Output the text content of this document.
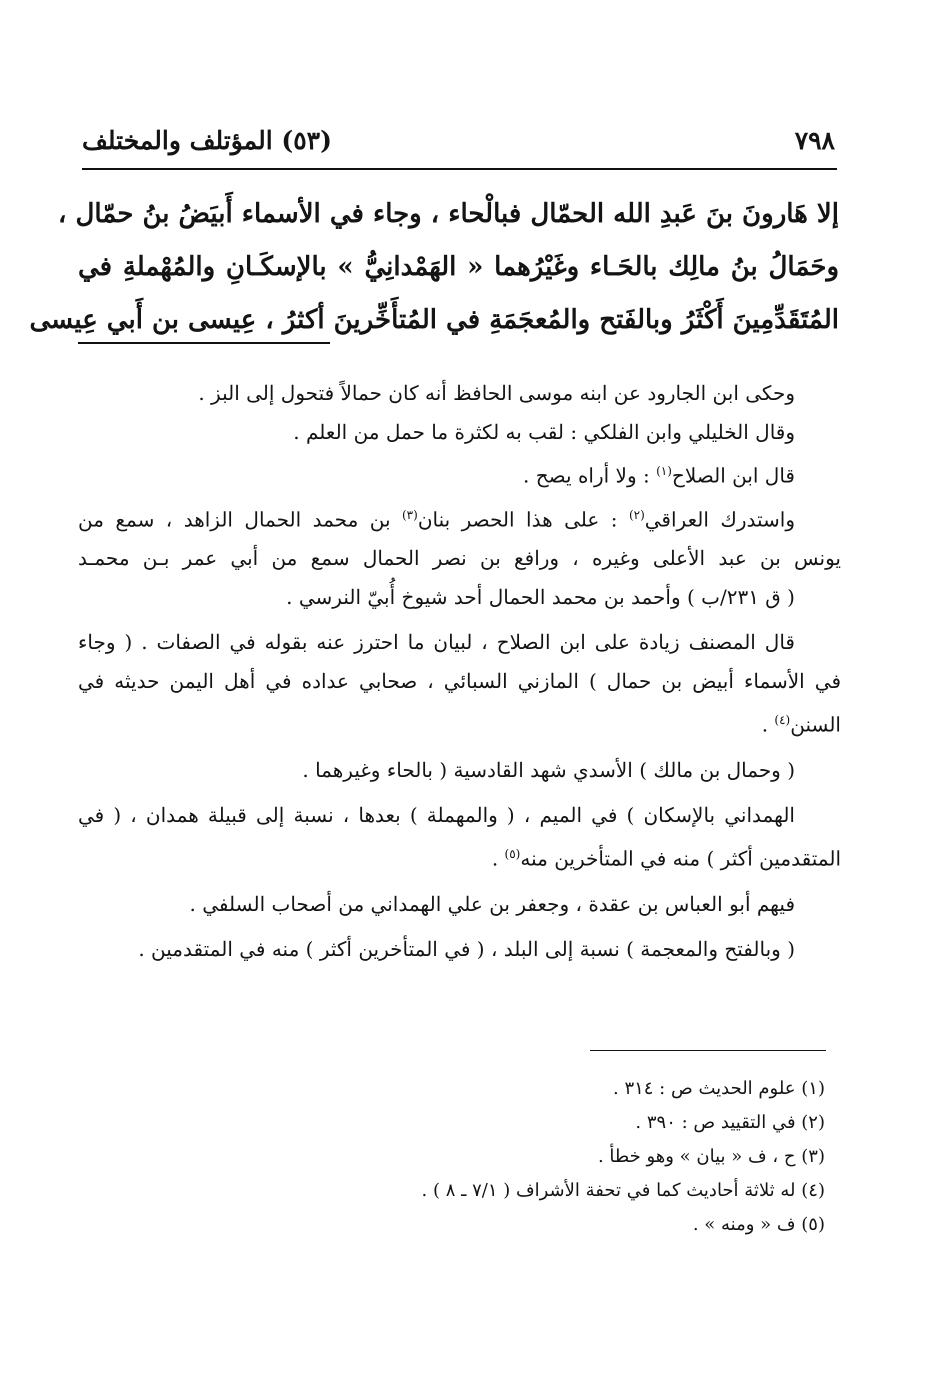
٧٩٨
(٥٣) المؤتلف والمختلف
إلا هَارونَ بنَ عَبدِ الله الحمّال فبالْحاء ، وجاء في الأسماء أَبيَضُ بنُ حمّال ،
وحَمَالُ بنُ مالِك بالحَـاء وغَيْرُهما « الهَمْدانِيُّ » بالإسكَـانِ والمُهْملةِ في
المُتَقَدِّمِينَ أَكْثَرُ وبالفَتح والمُعجَمَةِ في المُتأَخِّرينَ أكثرُ ، عِيسى بن أَبي عِيسى

وحكى ابن الجارود عن ابنه موسى الحافظ أنه كان حمالاً فتحول إلى البز .

وقال الخليلي وابن الفلكي : لقب به لكثرة ما حمل من العلم .

قال ابن الصلاح$^{(١)}$ : ولا أراه يصح .

واستدرك العراقي$^{(٢)}$ : على هذا الحصر بنان$^{(٣)}$ بن محمد الحمال الزاهد ، سمع من

يونس بن عبد الأعلى وغيره ، ورافع بن نصر الحمال سمع من أبي عمر بـن محمـد

( ق ٢٣١/ب ) وأحمد بن محمد الحمال أحد شيوخ أُبيّ النرسي .

قال المصنف زيادة على ابن الصلاح ، لبيان ما احترز عنه بقوله في الصفات . ( وجاء

في الأسماء أبيض بن حمال ) المازني السبائي ، صحابي عداده في أهل اليمن حديثه في

السنن$^{(٤)}$ .

( وحمال بن مالك ) الأسدي شهد القادسية ( بالحاء وغيرهما .

الهمداني بالإسكان ) في الميم ، ( والمهملة ) بعدها ، نسبة إلى قبيلة همدان ، ( في

المتقدمين أكثر ) منه في المتأخرين منه$^{(٥)}$ .

فيهم أبو العباس بن عقدة ، وجعفر بن علي الهمداني من أصحاب السلفي .

( وبالفتح والمعجمة ) نسبة إلى البلد ، ( في المتأخرين أكثر ) منه في المتقدمين .

(١) علوم الحديث ص : ٣١٤ .

(٢) في التقييد ص : ٣٩٠ .

(٣) ح ، ف « بيان » وهو خطأ .

(٤) له ثلاثة أحاديث كما في تحفة الأشراف ( ٧/١ ـ ٨ ) .

(٥) ف « ومنه » .
